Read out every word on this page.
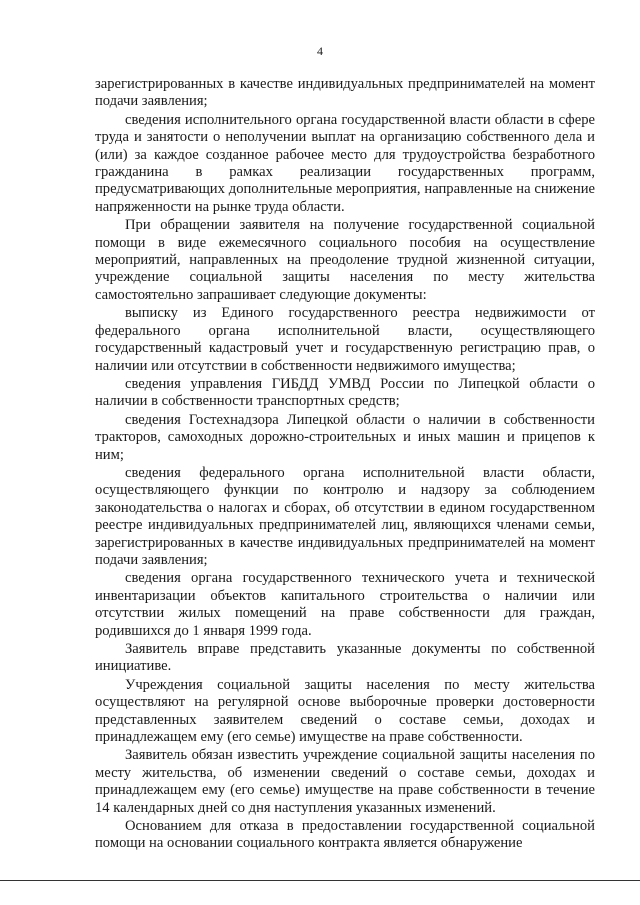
4

зарегистрированных в качестве индивидуальных предпринимателей на момент подачи заявления;

сведения исполнительного органа государственной власти области в сфере труда и занятости о неполучении выплат на организацию собственного дела и (или) за каждое созданное рабочее место для трудоустройства безработного гражданина в рамках реализации государственных программ, предусматривающих дополнительные мероприятия, направленные на снижение напряженности на рынке труда области.

При обращении заявителя на получение государственной социальной помощи в виде ежемесячного социального пособия на осуществление мероприятий, направленных на преодоление трудной жизненной ситуации, учреждение социальной защиты населения по месту жительства самостоятельно запрашивает следующие документы:

выписку из Единого государственного реестра недвижимости от федерального органа исполнительной власти, осуществляющего государственный кадастровый учет и государственную регистрацию прав, о наличии или отсутствии в собственности недвижимого имущества;

сведения управления ГИБДД УМВД России по Липецкой области о наличии в собственности транспортных средств;

сведения Гостехнадзора Липецкой области о наличии в собственности тракторов, самоходных дорожно-строительных и иных машин и прицепов к ним;

сведения федерального органа исполнительной власти области, осуществляющего функции по контролю и надзору за соблюдением законодательства о налогах и сборах, об отсутствии в едином государственном реестре индивидуальных предпринимателей лиц, являющихся членами семьи, зарегистрированных в качестве индивидуальных предпринимателей на момент подачи заявления;

сведения органа государственного технического учета и технической инвентаризации объектов капитального строительства о наличии или отсутствии жилых помещений на праве собственности для граждан, родившихся до 1 января 1999 года.

Заявитель вправе представить указанные документы по собственной инициативе.

Учреждения социальной защиты населения по месту жительства осуществляют на регулярной основе выборочные проверки достоверности представленных заявителем сведений о составе семьи, доходах и принадлежащем ему (его семье) имуществе на праве собственности.

Заявитель обязан известить учреждение социальной защиты населения по месту жительства, об изменении сведений о составе семьи, доходах и принадлежащем ему (его семье) имуществе на праве собственности в течение 14 календарных дней со дня наступления указанных изменений.

Основанием для отказа в предоставлении государственной социальной помощи на основании социального контракта является обнаружение
